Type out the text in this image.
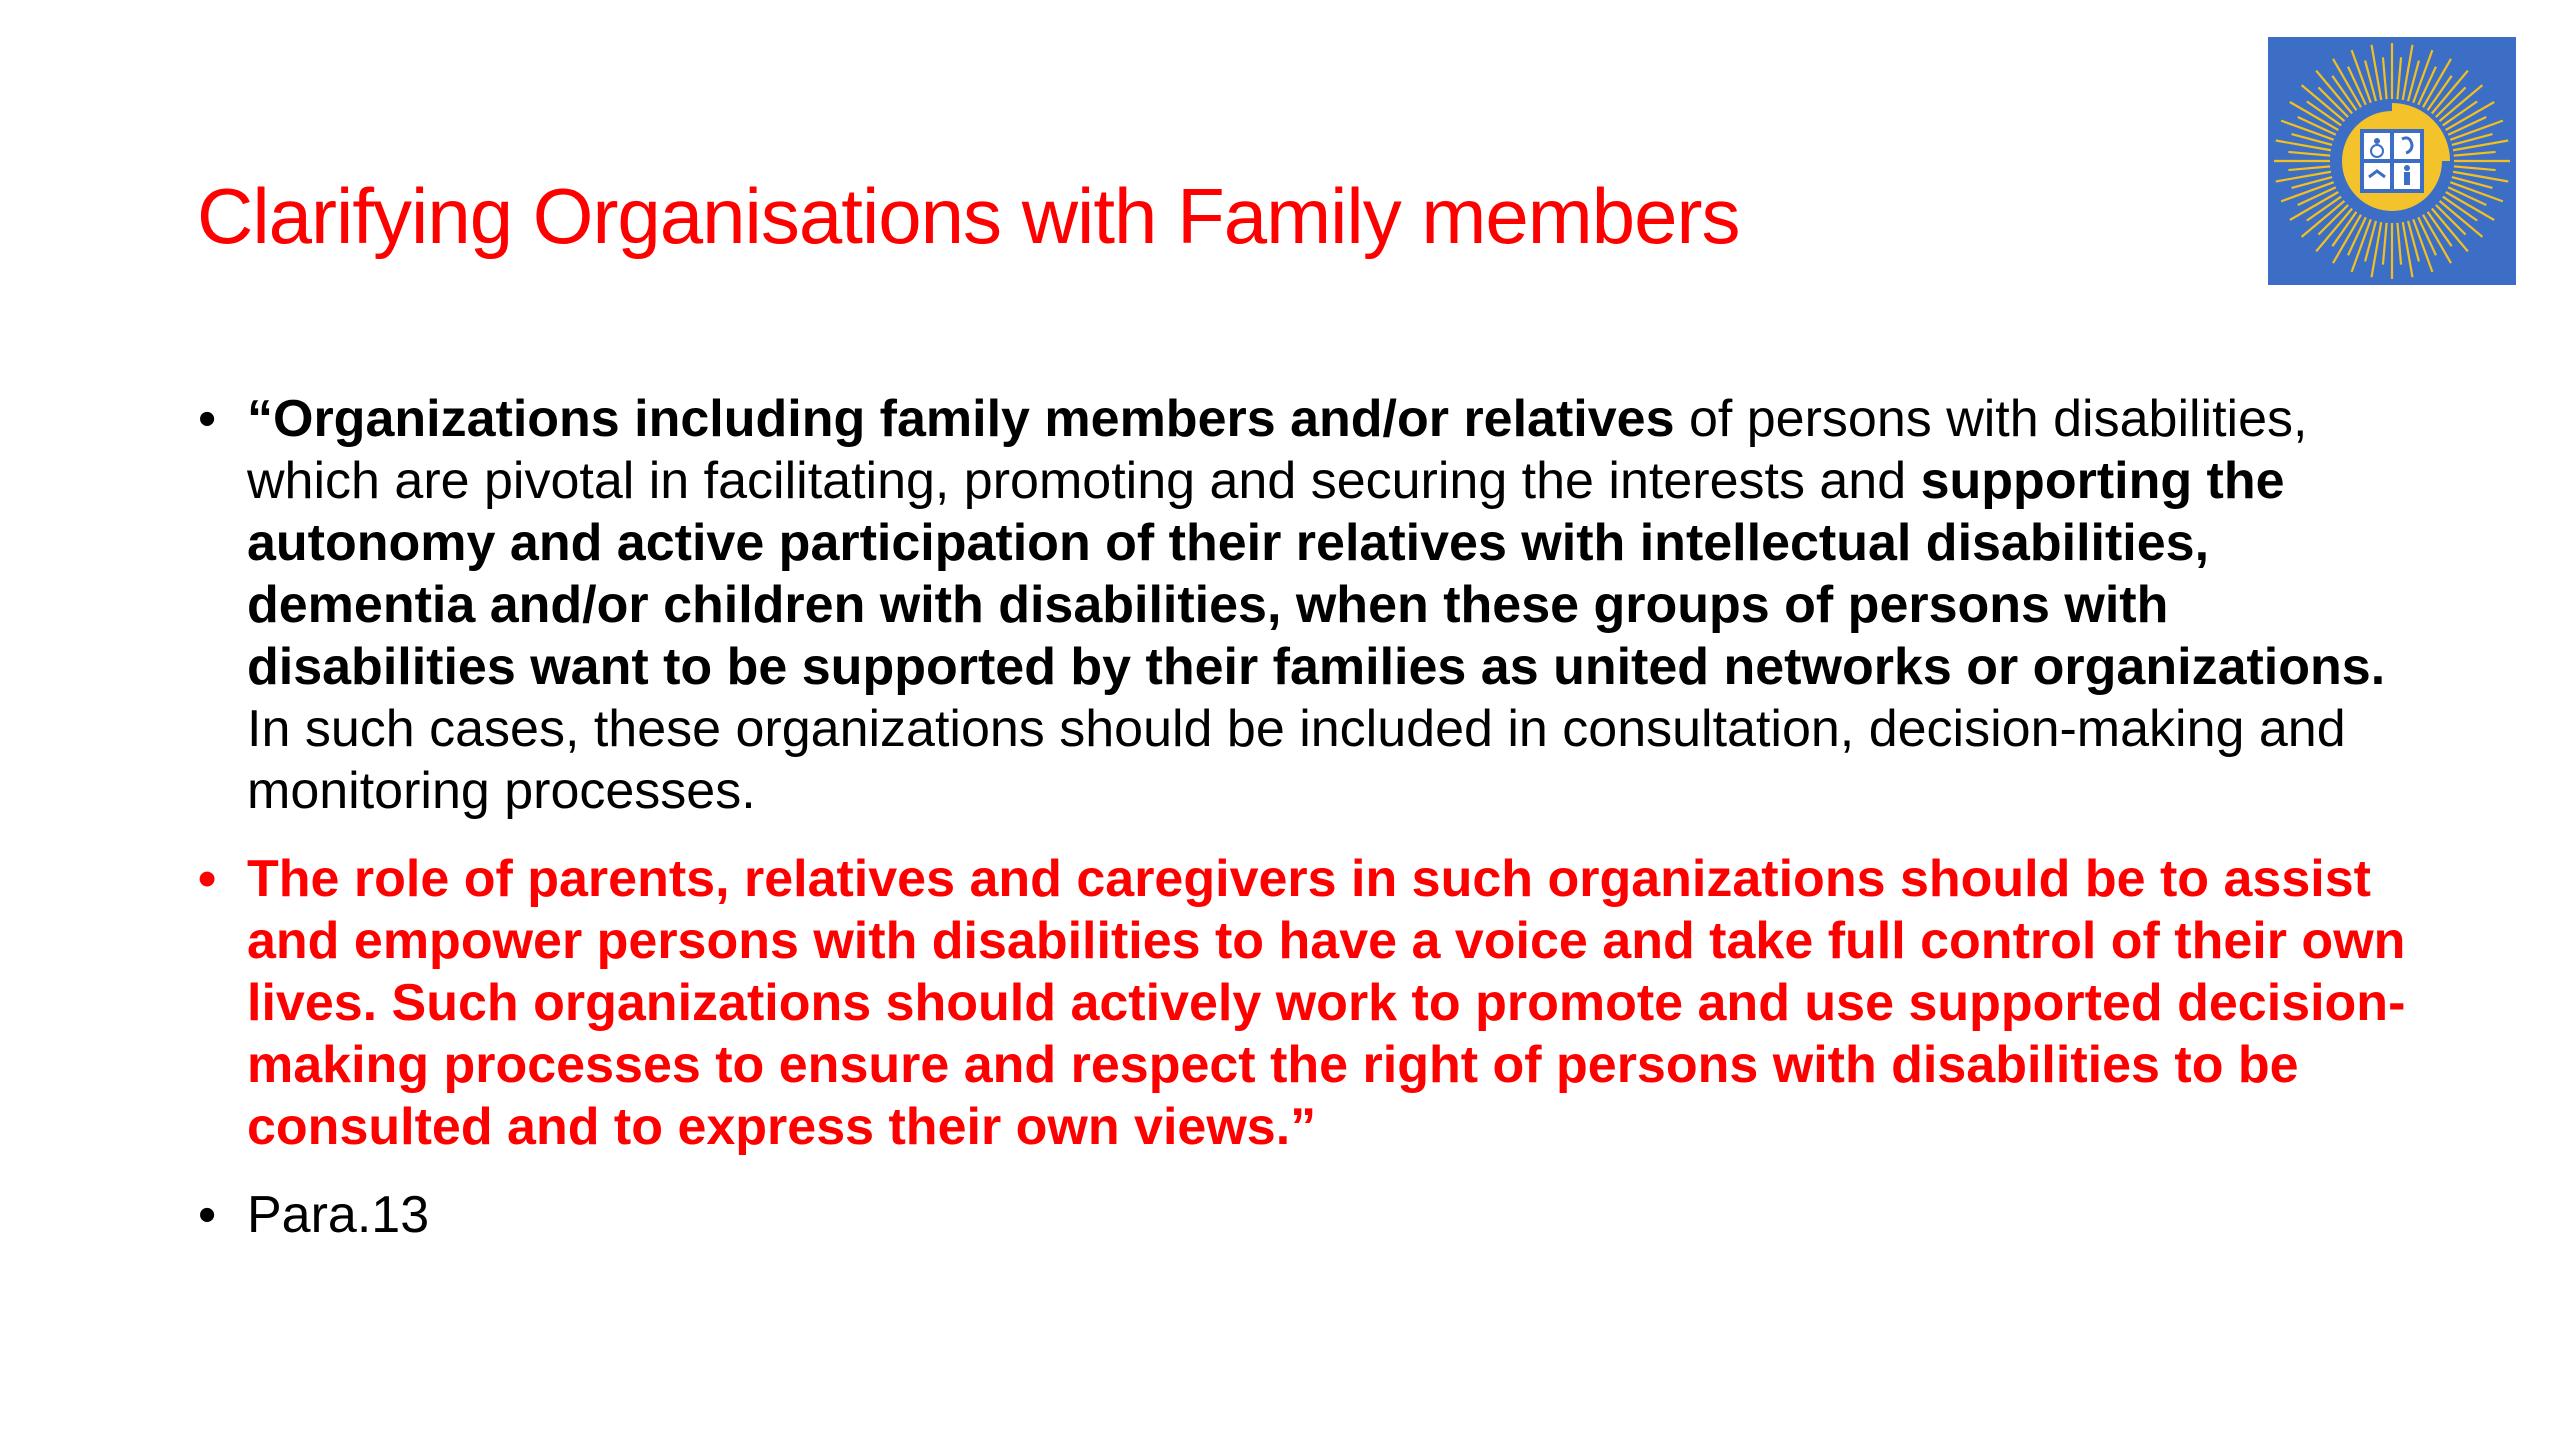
Clarifying Organisations with Family members
• “Organizations including family members and/or relatives of persons with disabilities, which are pivotal in facilitating, promoting and securing the interests and supporting the autonomy and active participation of their relatives with intellectual disabilities, dementia and/or children with disabilities, when these groups of persons with disabilities want to be supported by their families as united networks or organizations. In such cases, these organizations should be included in consultation, decision-making and monitoring processes.
• The role of parents, relatives and caregivers in such organizations should be to assist and empower persons with disabilities to have a voice and take full control of their own lives. Such organizations should actively work to promote and use supported decision-making processes to ensure and respect the right of persons with disabilities to be consulted and to express their own views.”
• Para.13
